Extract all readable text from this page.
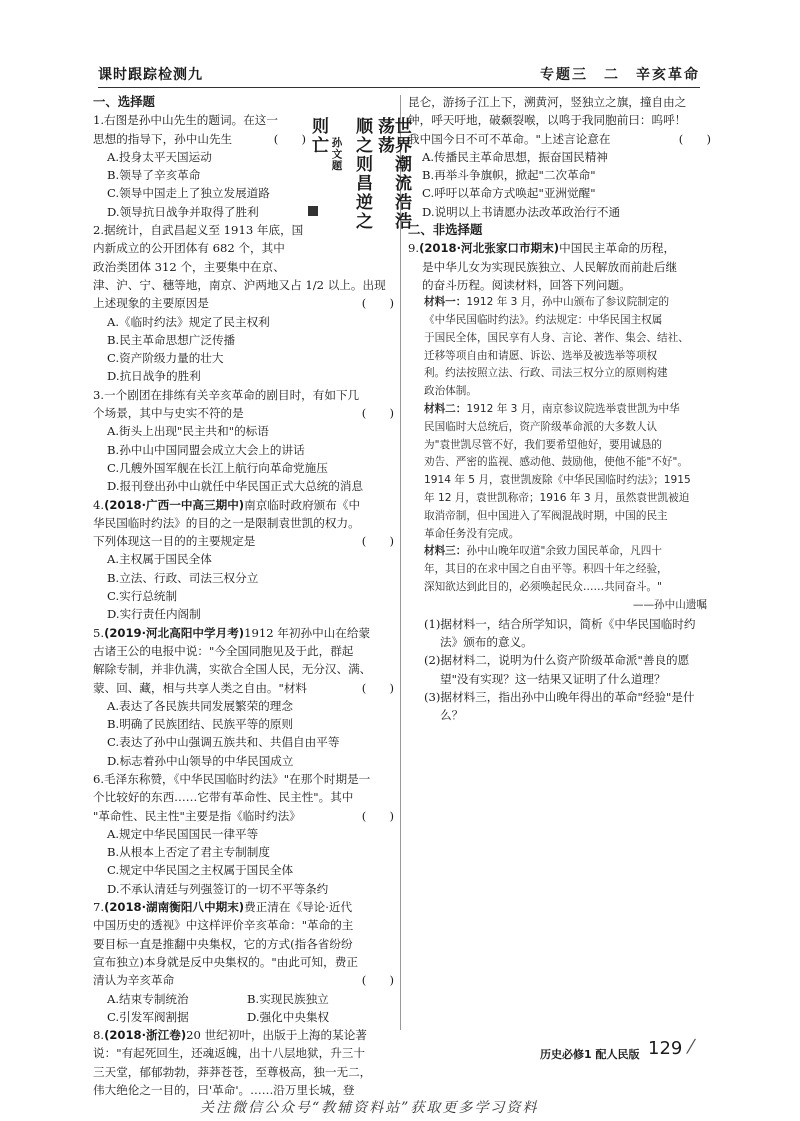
课时跟踪检测九	专题三　二　辛亥革命
世界潮流浩浩荡荡
顺之则昌逆之
孙文题
则亡

一、选择题

1.右图是孙中山先生的题词。在这一

思想的指导下，孙中山先生	(　　)

A.投身太平天国运动

B.领导了辛亥革命

C.领导中国走上了独立发展道路

D.领导抗日战争并取得了胜利

2.据统计，自武昌起义至 1913 年底，国

内新成立的公开团体有 682 个，其中

政治类团体 312 个，主要集中在京、

津、沪、宁、穗等地，南京、沪两地又占 1/2 以上。出现

上述现象的主要原因是	(　　)

A.《临时约法》规定了民主权利

B.民主革命思想广泛传播

C.资产阶级力量的壮大

D.抗日战争的胜利

3.一个剧团在排练有关辛亥革命的剧目时，有如下几

个场景，其中与史实不符的是	(　　)

A.街头上出现"民主共和"的标语

B.孙中山中国同盟会成立大会上的讲话

C.几艘外国军舰在长江上航行向革命党施压

D.报刊登出孙中山就任中华民国正式大总统的消息

4.(2018·广西一中高三期中)南京临时政府颁布《中

华民国临时约法》的目的之一是限制袁世凯的权力。

下列体现这一目的的主要规定是	(　　)

A.主权属于国民全体

B.立法、行政、司法三权分立

C.实行总统制

D.实行责任内阁制

5.(2019·河北高阳中学月考)1912 年初孙中山在给蒙

古诸王公的电报中说："今全国同胞见及于此，群起

解除专制，并非仇满，实欲合全国人民，无分汉、满、

蒙、回、藏，相与共享人类之自由。"材料	(　　)

A.表达了各民族共同发展繁荣的理念

B.明确了民族团结、民族平等的原则

C.表达了孙中山强调五族共和、共倡自由平等

D.标志着孙中山领导的中华民国成立

6.毛泽东称赞，《中华民国临时约法》"在那个时期是一

个比较好的东西……它带有革命性、民主性"。其中

"革命性、民主性"主要是指《临时约法》	(　　)

A.规定中华民国国民一律平等

B.从根本上否定了君主专制制度

C.规定中华民国之主权属于国民全体

D.不承认清廷与列强签订的一切不平等条约

7.(2018·湖南衡阳八中期末)费正清在《导论·近代

中国历史的透视》中这样评价辛亥革命："革命的主

要目标一直是推翻中央集权，它的方式(指各省纷纷

宣布独立)本身就是反中央集权的。"由此可知，费正

清认为辛亥革命	(　　)

A.结束专制统治	B.实现民族独立

C.引发军阀割据	D.强化中央集权

8.(2018·浙江卷)20 世纪初叶，出版于上海的某论著

说："有起死回生，还魂返魄，出十八层地狱，升三十

三天堂，郁郁勃勃，莽莽苍苍，至尊极高，独一无二，

伟大绝伦之一目的，曰'革命'。……沿万里长城，登

昆仑，游扬子江上下，溯黄河，竖独立之旗，撞自由之

钟，呼天吁地，破颡裂喉，以鸣于我同胞前曰：呜呼！

我中国今日不可不革命。"上述言论意在	(　　)

A.传播民主革命思想，振奋国民精神

B.再举斗争旗帜，掀起"二次革命"

C.呼吁以革命方式唤起"亚洲觉醒"

D.说明以上书请愿办法改革政治行不通

二、非选择题

9.(2018·河北张家口市期末)中国民主革命的历程，

是中华儿女为实现民族独立、人民解放而前赴后继

的奋斗历程。阅读材料，回答下列问题。

材料一：1912 年 3 月，孙中山颁布了参议院制定的

《中华民国临时约法》。约法规定：中华民国主权属

于国民全体，国民享有人身、言论、著作、集会、结社、

迁移等项自由和请愿、诉讼、选举及被选举等项权

利。约法按照立法、行政、司法三权分立的原则构建

政治体制。

材料二：1912 年 3 月，南京参议院选举袁世凯为中华

民国临时大总统后，资产阶级革命派的大多数人认

为"袁世凯尽管不好，我们要希望他好，要用诚恳的

劝告、严密的监视、感动他、鼓励他，使他不能"不好"。

1914 年 5 月，袁世凯废除《中华民国临时约法》；1915

年 12 月，袁世凯称帝；1916 年 3 月，虽然袁世凯被迫

取消帝制，但中国进入了军阀混战时期，中国的民主

革命任务没有完成。

材料三：孙中山晚年叹道"余致力国民革命，凡四十

年，其目的在求中国之自由平等。积四十年之经验，

深知欲达到此目的，必须唤起民众……共同奋斗。"

——孙中山遗嘱

(1)据材料一，结合所学知识，简析《中华民国临时约法》颁布的意义。

(2)据材料二，说明为什么资产阶级革命派"善良的愿望"没有实现？这一结果又证明了什么道理？

(3)据材料三，指出孙中山晚年得出的革命"经验"是什么？

历史必修1 配人民版 129 /
关注微信公众号“教辅资料站”获取更多学习资料
